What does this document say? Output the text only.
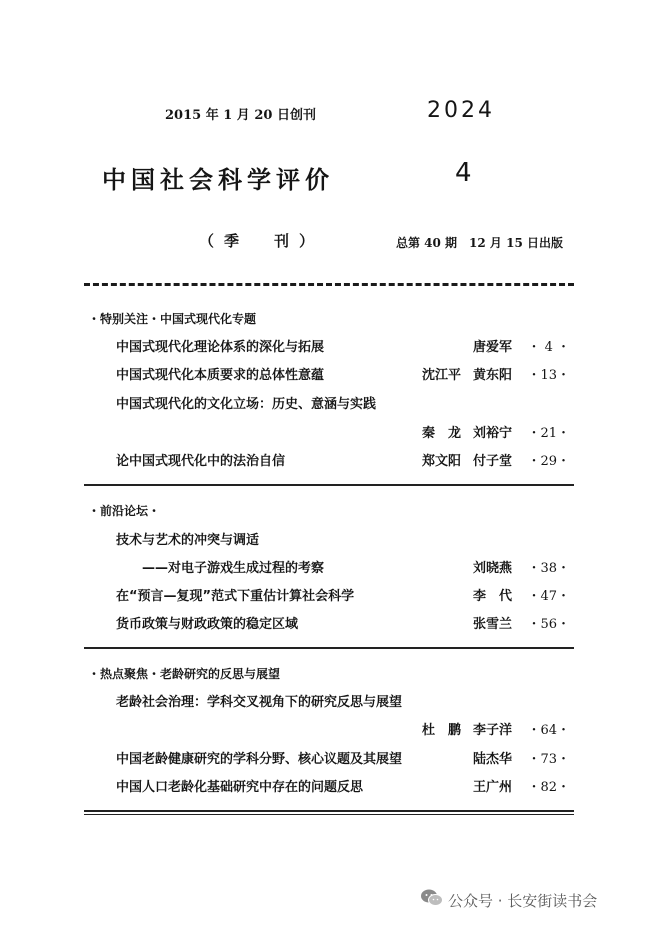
2015 年 1 月 20 日创刊	2024
中国社会科学评价	4
（季　刊）	总第 40 期　12 月 15 日出版
・特别关注・中国式现代化专题
中国式现代化理论体系的深化与拓展	唐爱军 ・ 4 ・
中国式现代化本质要求的总体性意蕴	沈江平 黄东阳 ・13・
中国式现代化的文化立场：历史、意涵与实践
秦　龙 刘裕宁 ・21・
论中国式现代化中的法治自信	郑文阳 付子堂 ・29・
・前沿论坛・
技术与艺术的冲突与调适
——对电子游戏生成过程的考察	刘晓燕 ・38・
在“预言—复现”范式下重估计算社会科学	李　代 ・47・
货币政策与财政政策的稳定区域	张雪兰 ・56・
・热点聚焦・老龄研究的反思与展望
老龄社会治理：学科交叉视角下的研究反思与展望
杜　鹏 李子洋 ・64・
中国老龄健康研究的学科分野、核心议题及其展望	陆杰华 ・73・
中国人口老龄化基础研究中存在的问题反思	王广州 ・82・
公众号 · 长安街读书会
